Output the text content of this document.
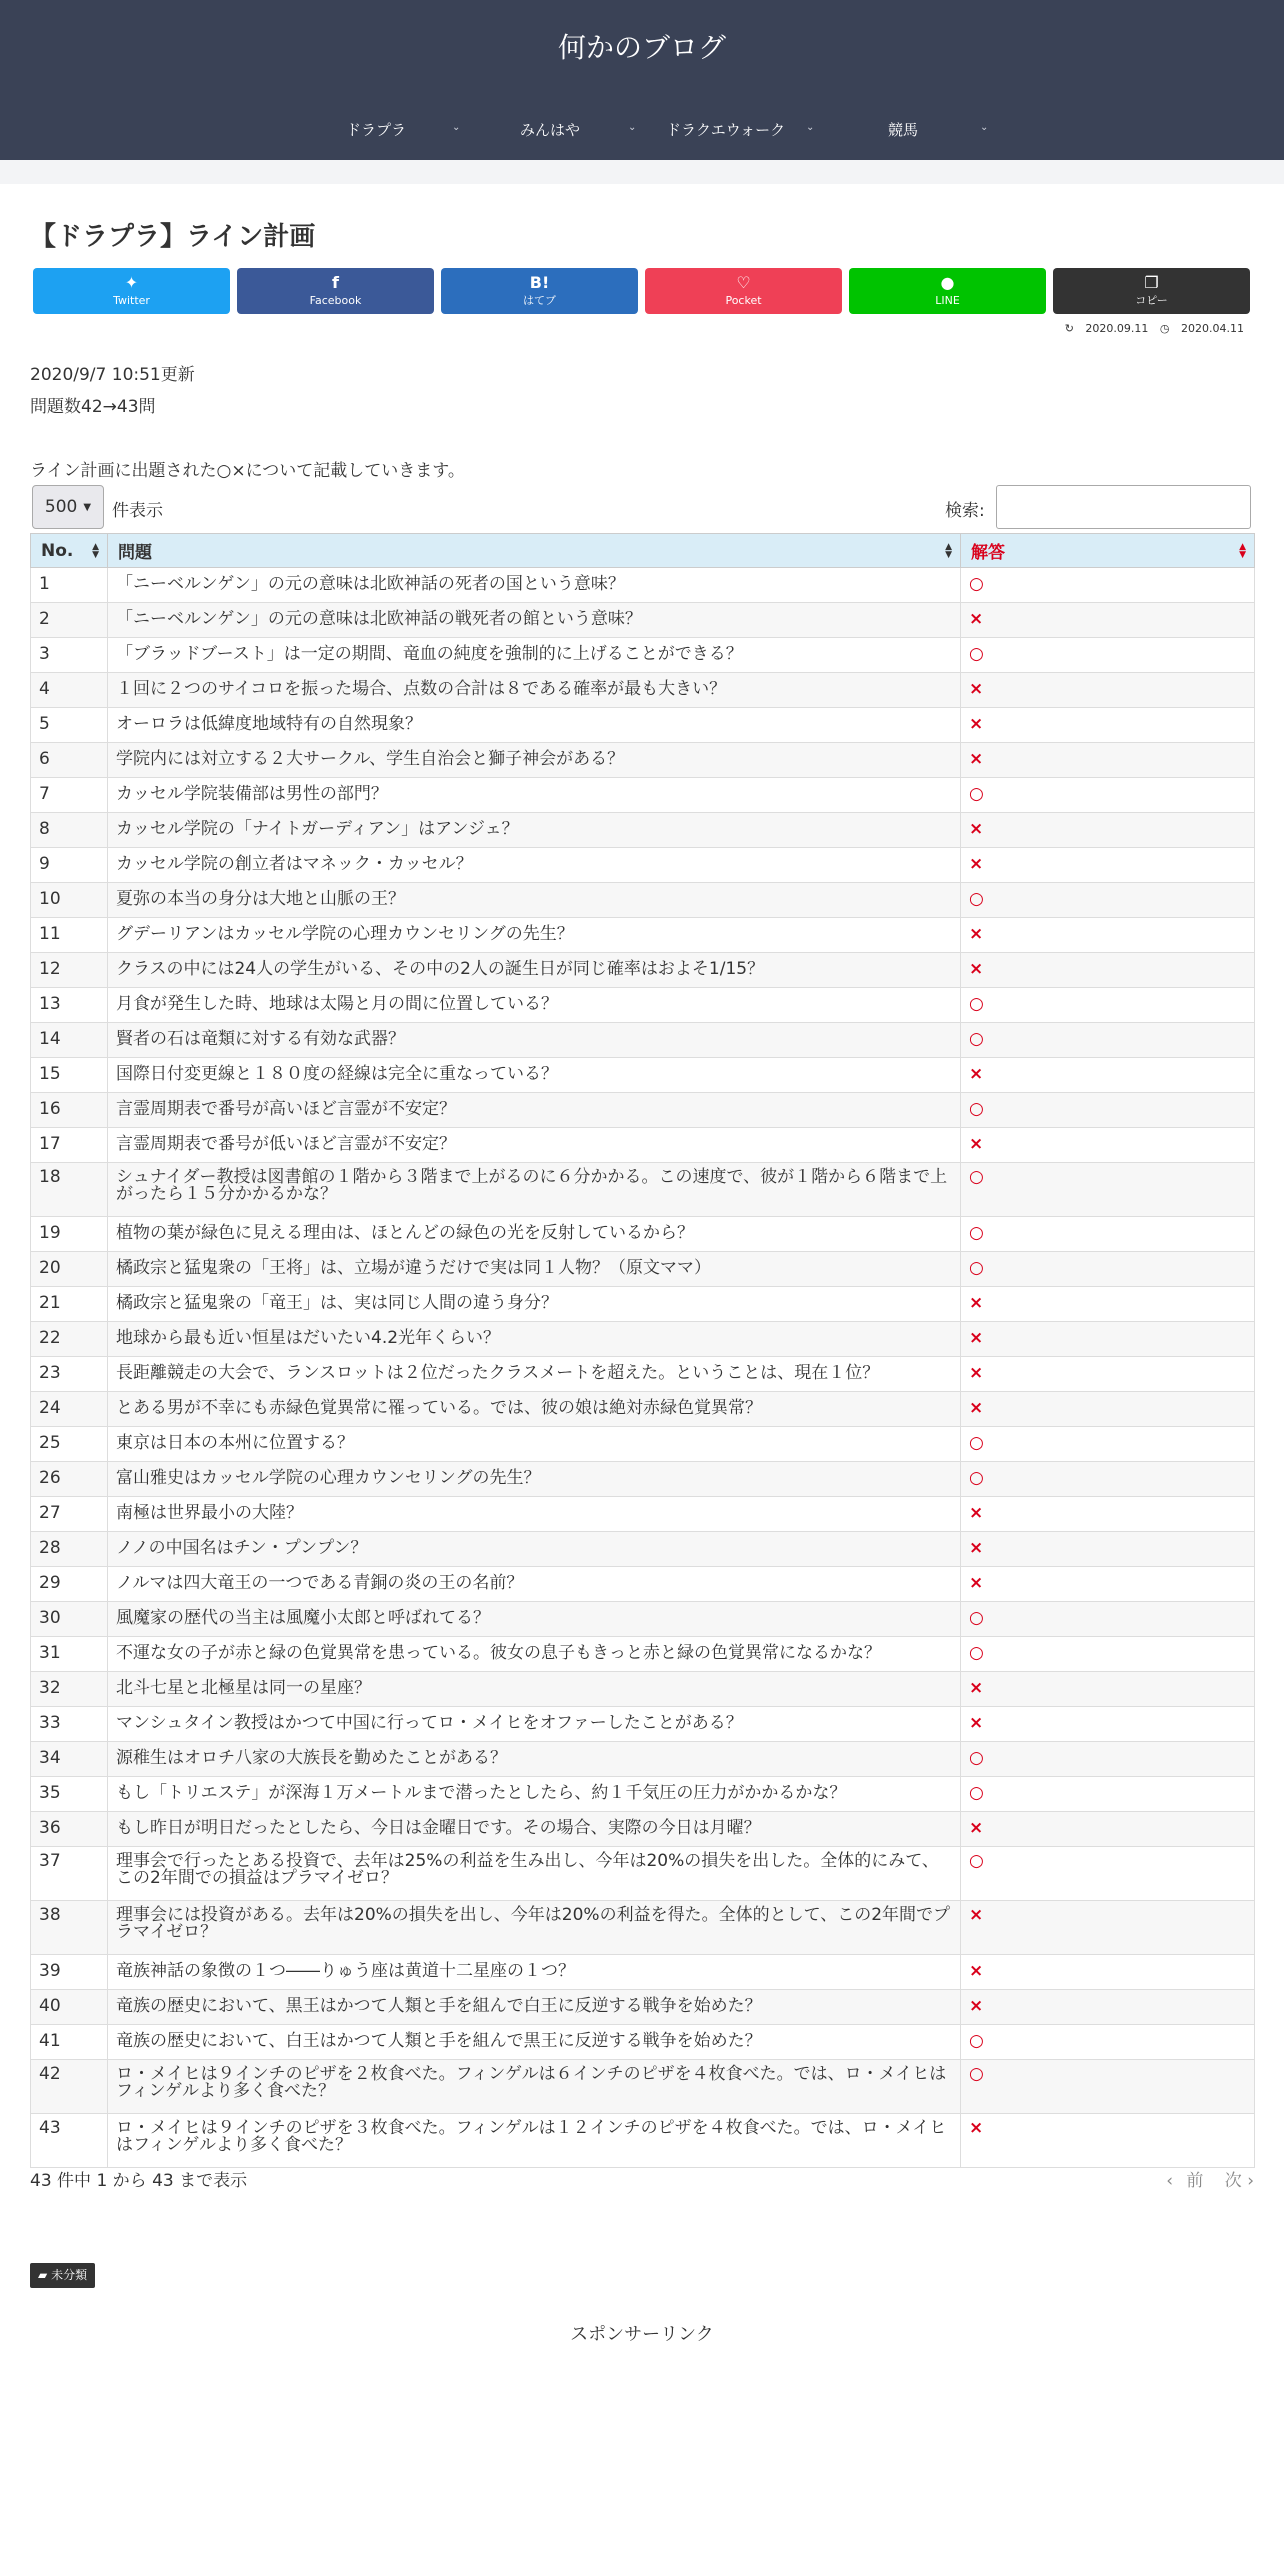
何かのブログ
ドラプラ	⌄	みんはや	⌄ ドラクエウォーク ⌄	競馬	⌄
【ドラプラ】ライン計画
✦
Twitter
f
Facebook
B!
はてブ
♡
Pocket
●
LINE
❐
コピー
↻ 2020.09.11 ◷ 2020.04.11
2020/9/7 10:51更新
問題数42→43問
ライン計画に出題された○×について記載していきます。
500 ▼ 件表示	検索:
No. ▲
▼	問題 ▲
▼	解答 ▲
▼

1	「ニーベルンゲン」の元の意味は北欧神話の死者の国という意味？	○
2	「ニーベルンゲン」の元の意味は北欧神話の戦死者の館という意味？	×
3	「ブラッドブースト」は一定の期間、竜血の純度を強制的に上げることができる？	○
4	１回に２つのサイコロを振った場合、点数の合計は８である確率が最も大きい？	×
5	オーロラは低緯度地域特有の自然現象？	×
6	学院内には対立する２大サークル、学生自治会と獅子神会がある？	×
7	カッセル学院装備部は男性の部門？	○
8	カッセル学院の「ナイトガーディアン」はアンジェ？	×
9	カッセル学院の創立者はマネック・カッセル？	×
10	夏弥の本当の身分は大地と山脈の王？	○
11	グデーリアンはカッセル学院の心理カウンセリングの先生？	×
12	クラスの中には24人の学生がいる、その中の2人の誕生日が同じ確率はおよそ1/15？	×
13	月食が発生した時、地球は太陽と月の間に位置している？	○
14	賢者の石は竜類に対する有効な武器？	○
15	国際日付変更線と１８０度の経線は完全に重なっている？	×
16	言霊周期表で番号が高いほど言霊が不安定？	○
17	言霊周期表で番号が低いほど言霊が不安定？	×
18	シュナイダー教授は図書館の１階から３階まで上がるのに６分かかる。この速度で、彼が１階から６階まで上がったら１５分かかるかな？	○
19	植物の葉が緑色に見える理由は、ほとんどの緑色の光を反射しているから？	○
20	橘政宗と猛鬼衆の「王将」は、立場が違うだけで実は同１人物？（原文ママ）	○
21	橘政宗と猛鬼衆の「竜王」は、実は同じ人間の違う身分？	×
22	地球から最も近い恒星はだいたい4.2光年くらい？	×
23	長距離競走の大会で、ランスロットは２位だったクラスメートを超えた。ということは、現在１位？	×
24	とある男が不幸にも赤緑色覚異常に罹っている。では、彼の娘は絶対赤緑色覚異常？	×
25	東京は日本の本州に位置する？	○
26	富山雅史はカッセル学院の心理カウンセリングの先生？	○
27	南極は世界最小の大陸？	×
28	ノノの中国名はチン・プンプン？	×
29	ノルマは四大竜王の一つである青銅の炎の王の名前？	×
30	風魔家の歴代の当主は風魔小太郎と呼ばれてる？	○
31	不運な女の子が赤と緑の色覚異常を患っている。彼女の息子もきっと赤と緑の色覚異常になるかな？	○
32	北斗七星と北極星は同一の星座？	×
33	マンシュタイン教授はかつて中国に行ってロ・メイヒをオファーしたことがある？	×
34	源稚生はオロチ八家の大族長を勤めたことがある？	○
35	もし「トリエステ」が深海１万メートルまで潜ったとしたら、約１千気圧の圧力がかかるかな？	○
36	もし昨日が明日だったとしたら、今日は金曜日です。その場合、実際の今日は月曜？	×
37	理事会で行ったとある投資で、去年は25%の利益を生み出し、今年は20%の損失を出した。全体的にみて、この2年間での損益はプラマイゼロ？	○
38	理事会には投資がある。去年は20%の損失を出し、今年は20%の利益を得た。全体的として、この2年間でプラマイゼロ？	×
39	竜族神話の象徴の１つ――りゅう座は黄道十二星座の１つ？	×
40	竜族の歴史において、黒王はかつて人類と手を組んで白王に反逆する戦争を始めた？	×
41	竜族の歴史において、白王はかつて人類と手を組んで黒王に反逆する戦争を始めた？	○
42	ロ・メイヒは９インチのピザを２枚食べた。フィンゲルは６インチのピザを４枚食べた。では、ロ・メイヒはフィンゲルより多く食べた？	○
43	ロ・メイヒは９インチのピザを３枚食べた。フィンゲルは１２インチのピザを４枚食べた。では、ロ・メイヒはフィンゲルより多く食べた？	×
43 件中 1 から 43 まで表示	‹ 前 次 ›
▰ 未分類
スポンサーリンク
